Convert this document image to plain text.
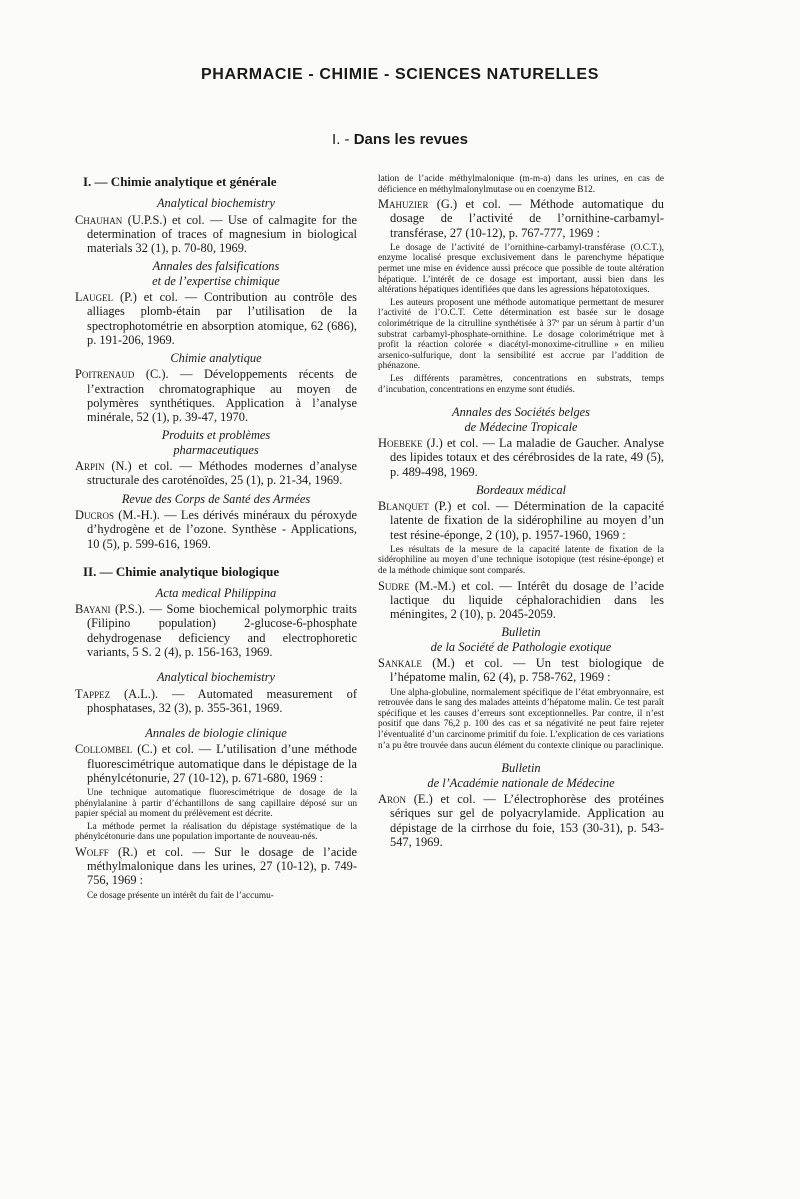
PHARMACIE - CHIMIE - SCIENCES NATURELLES
I. - Dans les revues
I. — Chimie analytique et générale
Analytical biochemistry
Chauhan (U.P.S.) et col. — Use of calmagite for the determination of traces of magnesium in biological materials 32 (1), p. 70-80, 1969.
Annales des falsifications
et de l’expertise chimique
Laugel (P.) et col. — Contribution au contrôle des alliages plomb-étain par l’utilisation de la spectrophotométrie en absorption atomique, 62 (686), p. 191-206, 1969.
Chimie analytique
Poitrenaud (C.). — Développements récents de l’extraction chromatographique au moyen de polymères synthétiques. Application à l’analyse minérale, 52 (1), p. 39-47, 1970.
Produits et problèmes
pharmaceutiques
Arpin (N.) et col. — Méthodes modernes d’analyse structurale des caroténoïdes, 25 (1), p. 21-34, 1969.
Revue des Corps de Santé des Armées
Ducros (M.-H.). — Les dérivés minéraux du péroxyde d’hydrogène et de l’ozone. Synthèse - Applications, 10 (5), p. 599-616, 1969.
II. — Chimie analytique biologique
Acta medical Philippina
Bayani (P.S.). — Some biochemical polymorphic traits (Filipino population) 2-glucose-6-phosphate dehydrogenase deficiency and electrophoretic variants, 5 S. 2 (4), p. 156-163, 1969.
Analytical biochemistry
Tappez (A.L.). — Automated measurement of phosphatases, 32 (3), p. 355-361, 1969.
Annales de biologie clinique
Collombel (C.) et col. — L’utilisation d’une méthode fluorescimétrique automatique dans le dépistage de la phénylcétonurie, 27 (10-12), p. 671-680, 1969 :
Une technique automatique fluorescimétrique de dosage de la phénylalanine à partir d’échantillons de sang capillaire déposé sur un papier spécial au moment du prélèvement est décrite.
La méthode permet la réalisation du dépistage systématique de la phénylcétonurie dans une population importante de nouveau-nés.
Wolff (R.) et col. — Sur le dosage de l’acide méthylmalonique dans les urines, 27 (10-12), p. 749-756, 1969 :
Ce dosage présente un intérêt du fait de l’accumu-
lation de l’acide méthylmalonique (m-m-a) dans les urines, en cas de déficience en méthylmalonylmutase ou en coenzyme B12.
Mahuzier (G.) et col. — Méthode automatique du dosage de l’activité de l’ornithine-carbamyl-transférase, 27 (10-12), p. 767-777, 1969 :
Le dosage de l’activité de l’ornithine-carbamyl-transférase (O.C.T.), enzyme localisé presque exclusivement dans le parenchyme hépatique permet une mise en évidence aussi précoce que possible de toute altération hépatique. L’intérêt de ce dosage est important, aussi bien dans les altérations hépatiques identifiées que dans les agressions hépatotoxiques.
Les auteurs proposent une méthode automatique permettant de mesurer l’activité de l’O.C.T. Cette détermination est basée sur le dosage colorimétrique de la citrulline synthétisée à 37º par un sérum à partir d’un substrat carbamyl-phosphate-ornithine. Le dosage colorimétrique met à profit la réaction colorée « diacétyl-monoxime-citrulline » en milieu arsenico-sulfurique, dont la sensibilité est accrue par l’addition de phénazone.
Les différents paramètres, concentrations en substrats, temps d’incubation, concentrations en enzyme sont étudiés.
Annales des Sociétés belges
de Médecine Tropicale
Hoebeke (J.) et col. — La maladie de Gaucher. Analyse des lipides totaux et des cérébrosides de la rate, 49 (5), p. 489-498, 1969.
Bordeaux médical
Blanquet (P.) et col. — Détermination de la capacité latente de fixation de la sidérophiline au moyen d’un test résine-éponge, 2 (10), p. 1957-1960, 1969 :
Les résultats de la mesure de la capacité latente de fixation de la sidérophiline au moyen d’une technique isotopique (test résine-éponge) et de la méthode chimique sont comparés.
Sudre (M.-M.) et col. — Intérêt du dosage de l’acide lactique du liquide céphalorachidien dans les méningites, 2 (10), p. 2045-2059.
Bulletin
de la Société de Pathologie exotique
Sankale (M.) et col. — Un test biologique de l’hépatome malin, 62 (4), p. 758-762, 1969 :
Une alpha-globuline, normalement spécifique de l’état embryonnaire, est retrouvée dans le sang des malades atteints d’hépatome malin. Ce test paraît spécifique et les causes d’erreurs sont exceptionnelles. Par contre, il n’est positif que dans 76,2 p. 100 des cas et sa négativité ne peut faire rejeter l’éventualité d’un carcinome primitif du foie. L’explication de ces variations n’a pu être trouvée dans aucun élément du contexte clinique ou paraclinique.
Bulletin
de l’Académie nationale de Médecine
Aron (E.) et col. — L’électrophorèse des protéines sériques sur gel de polyacrylamide. Application au dépistage de la cirrhose du foie, 153 (30-31), p. 543-547, 1969.
